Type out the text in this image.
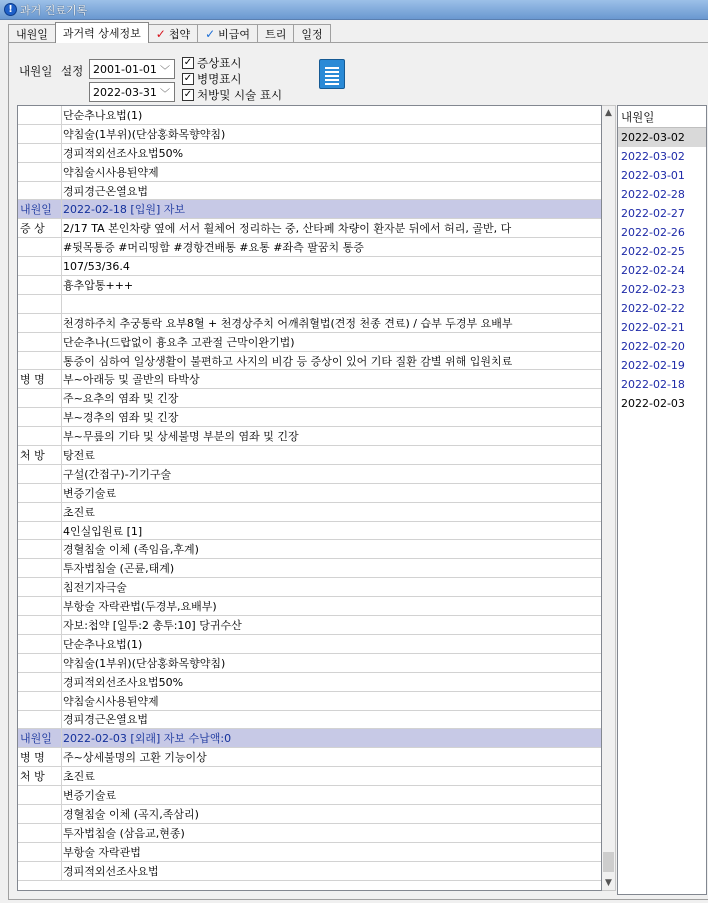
! 과거 진료기록
내원일 과거력 상세정보 ✓ 첩약 ✓ 비급여 트리 일정
내원일 설정 2001-01-01 ﹀
2022-03-31 ﹀
✓ 증상표시
✓ 병명표시
✓ 처방및 시술 표시
단순추나요법(1)
약침술(1부위)(단삼홍화목향약침)
경피적외선조사요법50%
약침술시사용된약제
경피경근온열요법
내원일	2022-02-18 [입원] 자보
증 상	2/17 TA 본인차량 옆에 서서 휠체어 정리하는 중, 산타페 차량이 환자분 뒤에서 허리, 골반, 다
#뒷목통증 #머리띵함 #경항견배통 #요통 #좌측 팔꿈치 통증
107/53/36.4
흉추압통+++
천경하주치 추궁통락 요부8혈 + 천경상주치 어깨취혈법(견정 천종 견료) / 습부 두경부 요배부
단순추나(드랍없이 흉요추 고관절 근막이완기법)
통증이 심하여 일상생활이 불편하고 사지의 비감 등 증상이 있어 기타 질환 감별 위해 입원치료
병 명	부~아래등 및 골반의 타박상
주~요추의 염좌 및 긴장
부~경추의 염좌 및 긴장
부~무릎의 기타 및 상세불명 부분의 염좌 및 긴장
처 방	탕전료
구설(간접구)-기기구술
변증기술료
초진료
4인실입원료 [1]
경혈침술 이체 (족임읍,후계)
투자법침술 (곤륜,태계)
침전기자극술
부항술 자락관법(두경부,요배부)
자보:첩약 [일투:2 총투:10] 당귀수산
단순추나요법(1)
약침술(1부위)(단삼홍화목향약침)
경피적외선조사요법50%
약침술시사용된약제
경피경근온열요법
내원일	2022-02-03 [외래] 자보 수납액:0
병 명	주~상세불명의 고환 기능이상
처 방	초진료
변증기술료
경혈침술 이체 (곡지,족삼리)
투자법침술 (삼음교,현종)
부항술 자락관법
경피적외선조사요법
▲
▼
내원일
2022-03-02
2022-03-02
2022-03-01
2022-02-28
2022-02-27
2022-02-26
2022-02-25
2022-02-24
2022-02-23
2022-02-22
2022-02-21
2022-02-20
2022-02-19
2022-02-18
2022-02-03
